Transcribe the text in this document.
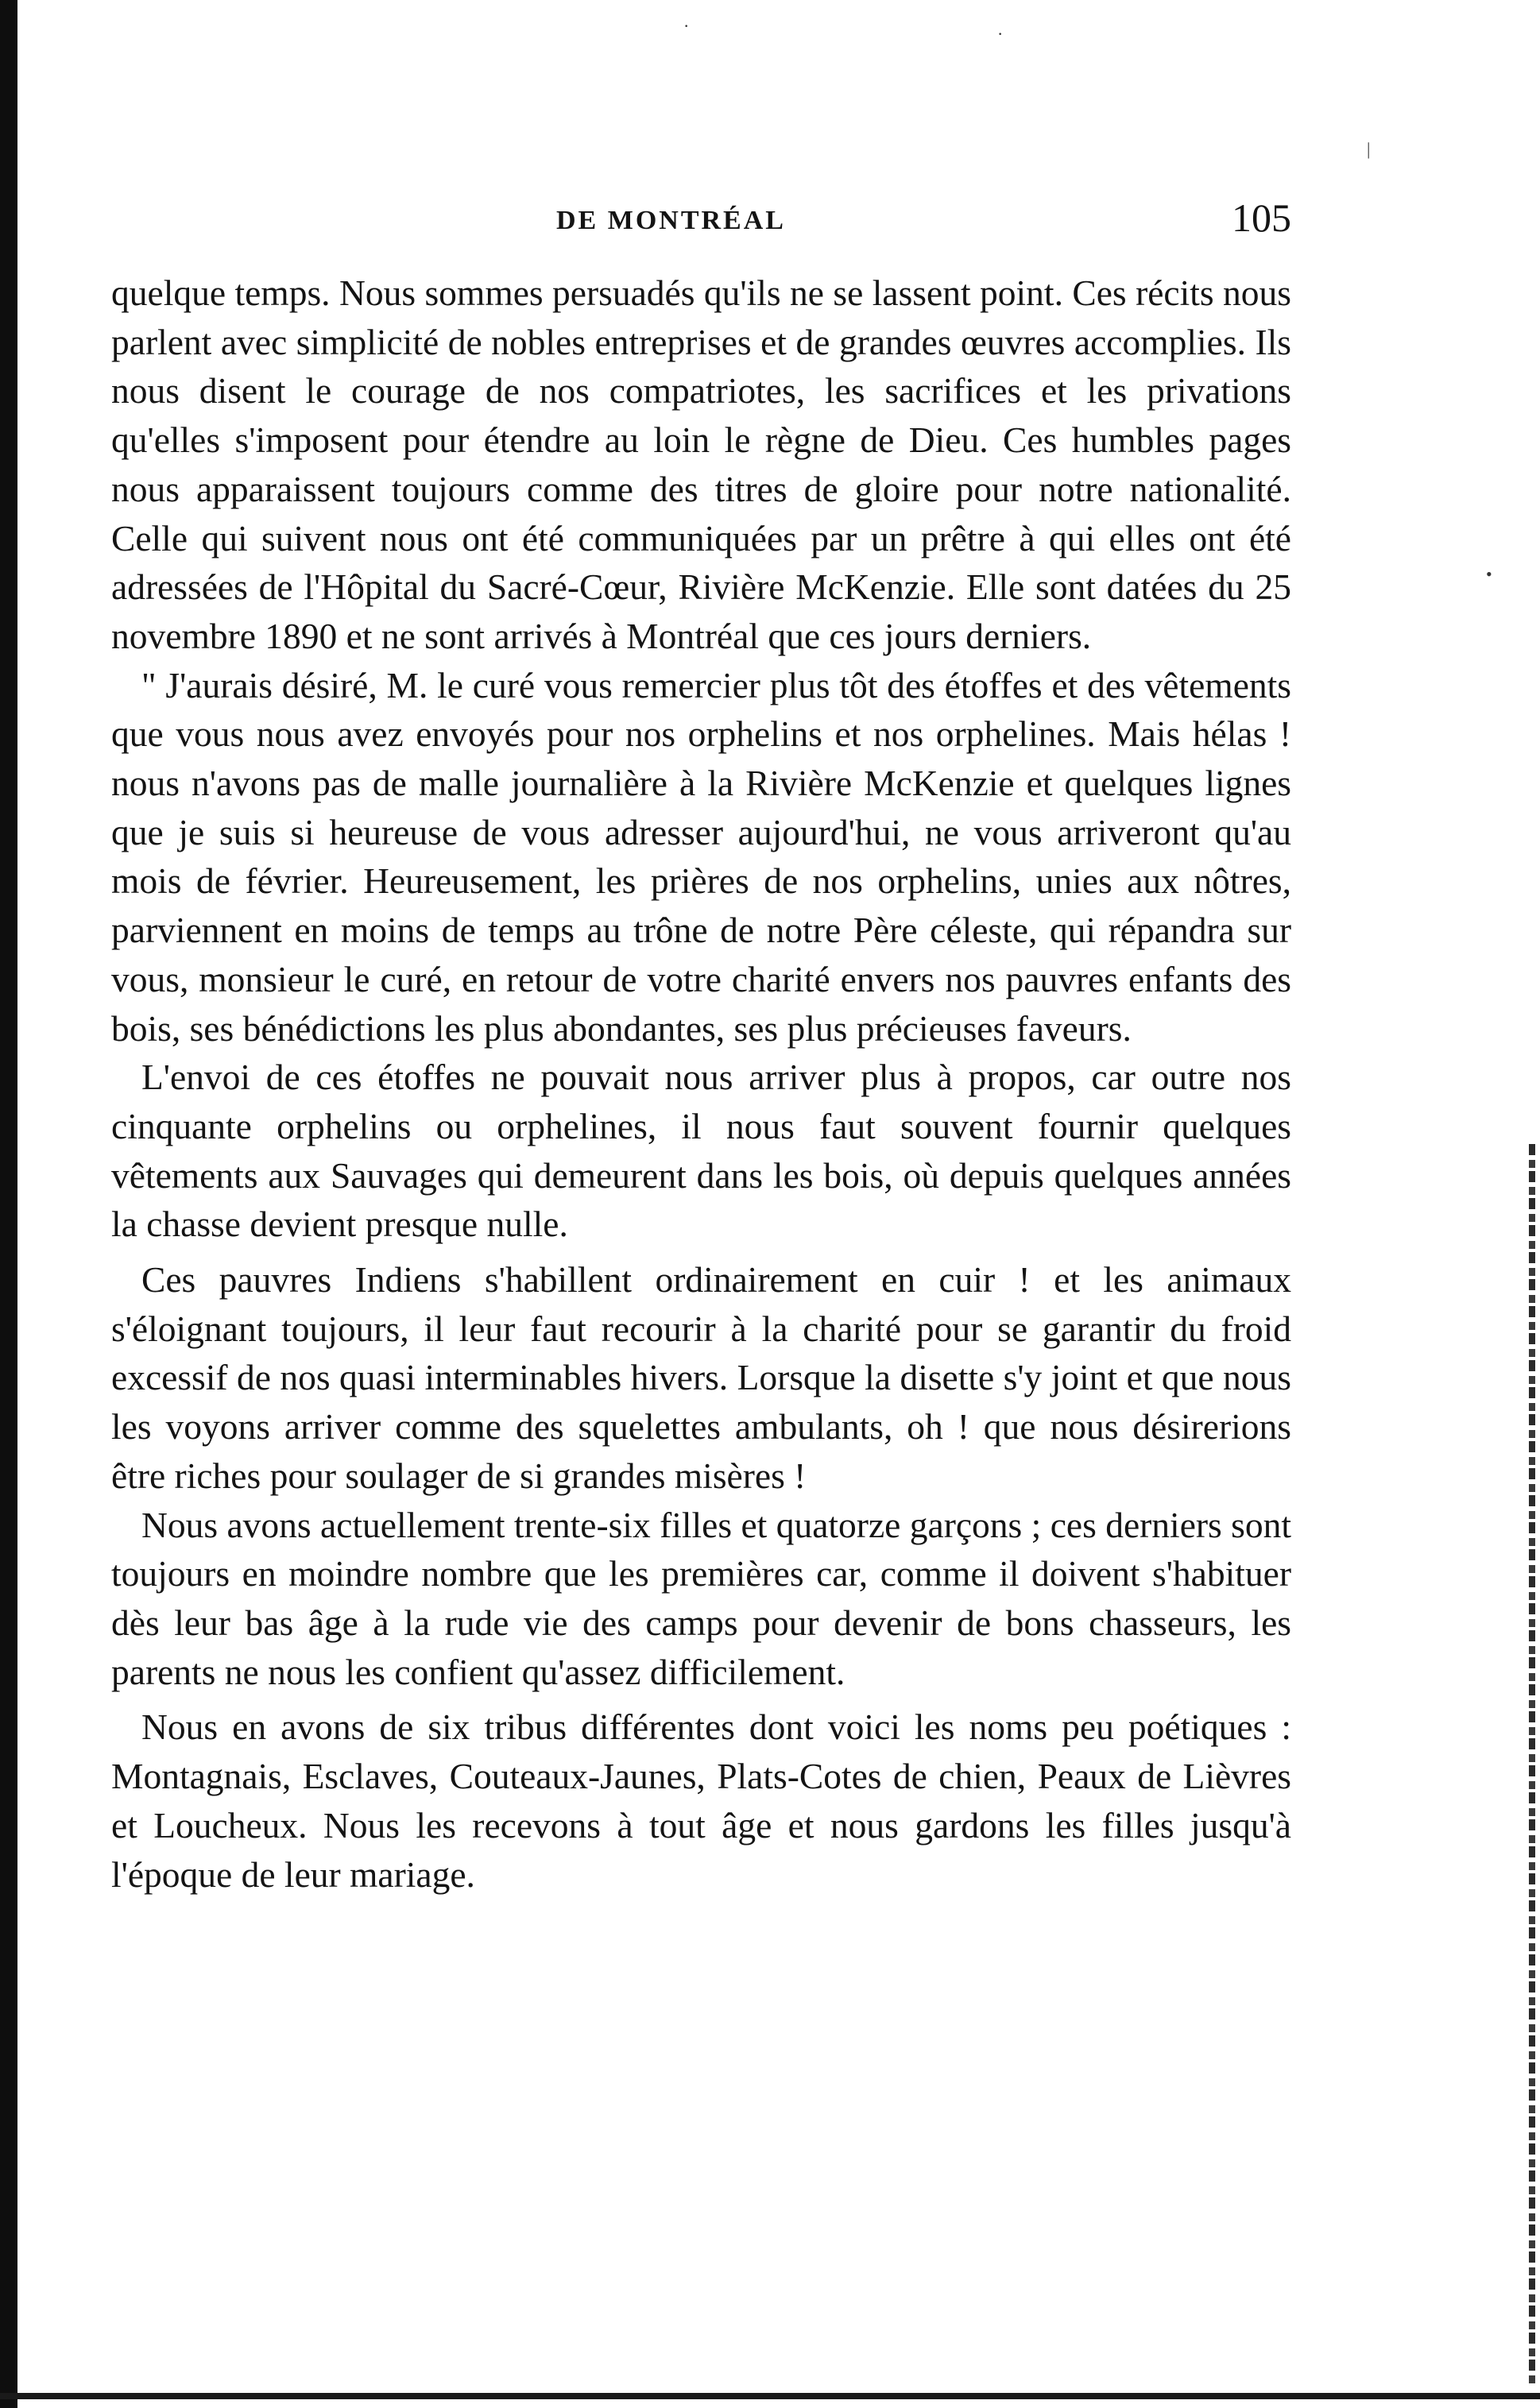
·	·
|
•
DE MONTRÉAL	105

quelque temps. Nous sommes persuadés qu'ils ne se lassent point. Ces récits nous parlent avec simplicité de nobles entreprises et de grandes œuvres accomplies. Ils nous disent le courage de nos compatriotes, les sacrifices et les privations qu'elles s'imposent pour étendre au loin le règne de Dieu. Ces humbles pages nous apparaissent toujours comme des titres de gloire pour notre nationalité. Celle qui suivent nous ont été communiquées par un prêtre à qui elles ont été adressées de l'Hôpital du Sacré-Cœur, Rivière McKenzie. Elle sont datées du 25 novembre 1890 et ne sont arrivés à Montréal que ces jours derniers.

" J'aurais désiré, M. le curé vous remercier plus tôt des étoffes et des vêtements que vous nous avez envoyés pour nos orphelins et nos orphelines. Mais hélas ! nous n'avons pas de malle journalière à la Rivière McKenzie et quelques lignes que je suis si heureuse de vous adresser aujourd'hui, ne vous arriveront qu'au mois de février. Heureusement, les prières de nos orphelins, unies aux nôtres, parviennent en moins de temps au trône de notre Père céleste, qui répandra sur vous, monsieur le curé, en retour de votre charité envers nos pauvres enfants des bois, ses bénédictions les plus abondantes, ses plus précieuses faveurs.

L'envoi de ces étoffes ne pouvait nous arriver plus à propos, car outre nos cinquante orphelins ou orphelines, il nous faut souvent fournir quelques vêtements aux Sauvages qui demeurent dans les bois, où depuis quelques années la chasse devient presque nulle.

Ces pauvres Indiens s'habillent ordinairement en cuir ! et les animaux s'éloignant toujours, il leur faut recourir à la charité pour se garantir du froid excessif de nos quasi interminables hivers. Lorsque la disette s'y joint et que nous les voyons arriver comme des squelettes ambulants, oh ! que nous désirerions être riches pour soulager de si grandes misères !

Nous avons actuellement trente-six filles et quatorze garçons ; ces derniers sont toujours en moindre nombre que les premières car, comme il doivent s'habituer dès leur bas âge à la rude vie des camps pour devenir de bons chasseurs, les parents ne nous les confient qu'assez difficilement.

Nous en avons de six tribus différentes dont voici les noms peu poétiques : Montagnais, Esclaves, Couteaux-Jaunes, Plats-Cotes de chien, Peaux de Lièvres et Loucheux. Nous les recevons à tout âge et nous gardons les filles jusqu'à l'époque de leur mariage.
